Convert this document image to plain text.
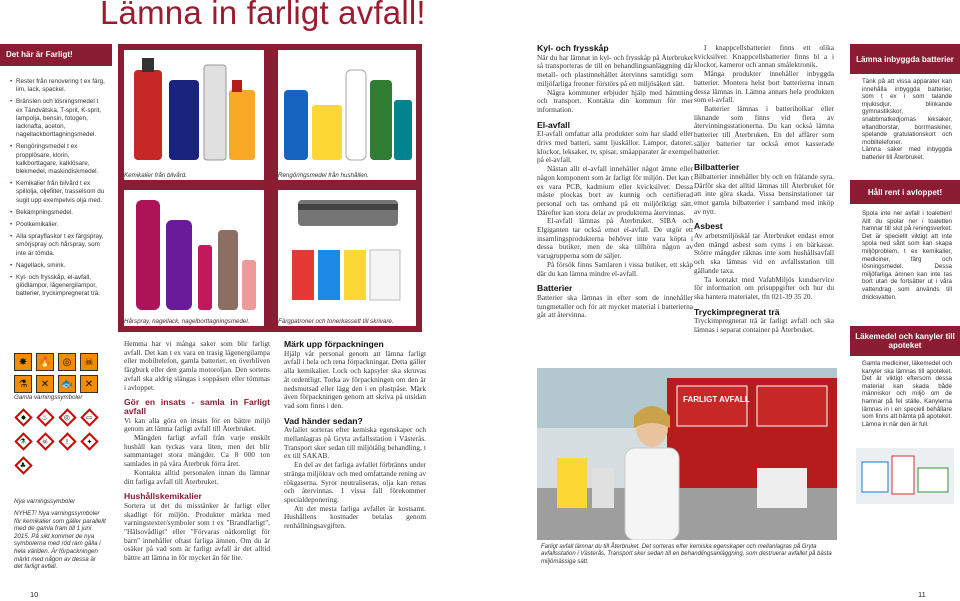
Lämna in farligt avfall!
Det här är Farligt!
• Rester från renovering t ex färg, lim, lack, spackel.
• Bränslen och lösningsmedel t ex Tändvätska, T-sprit, K-sprit, lampolja, bensin, fotogen, lacknafta, aceton, nagellackborttagningsmedel.
• Rengöringsmedel t ex propplösare, klorin, kalkborttagare, kalklösare, blekmedel, maskindiskmedel.
• Kemikalier från bilvård t ex spillolja, oljefilter, trasselsom du sugit upp exempelvis olja med.
• Bekämpningsmedel.
• Poolkemikalier.
• Alla sprayflaskor t ex färgspray, smörjspray och hårspray, som inte är tömda.
• Nagellack, smink.
• Kyl- och frysskåp, el-avfall, glödlampor, lågenergilampor, batterier, tryckimpregnerat trä.
✸	🔥	◎	☠
⚗	✕	🐟	✕
Gamla varningssymboler
✸ ♨ ◎ ▭
⚗ ☠ !	✦
♣
Nya varningssymboler
NYHET! Nya varningssymboler för kemikalier som gäller parallellt med de gamla fram till 1 juni 2015. På sikt kommer de nya symbolerna med röd ram gälla i hela världen. Är förpackningen märkt med någon av dessa är det farligt avfall.
Kemikalier från bilvård.	Rengöringsmedel från hushållen.
Hårspray, nagellack, nagelborttagningsmedel.	Färgpatroner och tonerkassett till skrivare.

Hemma har vi många saker som blir farligt avfall. Det kan t ex vara en trasig lågenergilampa eller mobiltelefon, gamla batterier, en överbliven färgburk eller den gamla motoroljan. Den sortens avfall ska aldrig slängas i soppåsen eller tömmas i avloppet.

Gör en insats - samla in Farligt avfall

Vi kan alla göra en insats för en bättre miljö genom att lämna farligt avfall till Återbruket.

Mängden farligt avfall från varje enskilt hushåll kan tyckas vara liten, men det blir sammantaget stora mängder. Ca 8 000 ton samlades in på våra Återbruk förra året.

Kontakta alltid personalen innan du lämnar ditt farliga avfall till Återbruket.

Hushållskemikalier

Sortera ut det du misstänker är farligt eller skadligt för miljön. Produkter märkta med varningstexter/symboler som t ex "Brandfarligt", "Hälsovådligt" eller "Förvaras oåtkomligt för barn" innehåller oftast farliga ämnen. Om du är osäker på vad som är farligt avfall är det alltid bättre att lämna in för mycket än för lite.

Märk upp förpackningen

Hjälp vår personal genom att lämna farligt avfall i hela och rena förpackningar. Detta gäller alla kemikalier. Lock och kapsyler ska skruvas åt ordentligt. Torka av förpackningen om den är nedsmutsad eller lägg den i en plastpåse. Märk även förpackningen genom att skriva på utsidan vad som finns i den.

Vad händer sedan?

Avfallet sorteras efter kemiska egenskaper och mellanlagras på Gryta avfallsstation i Västerås. Transport sker sedan till miljötålig behandling, t ex till SAKAB.

En del av det farliga avfallet förbränns under stränga miljökrav och med omfattande rening av rökgaserna. Syror neutraliseras, olja kan renas och återvinnas. I vissa fall förekommer specialdeponering.

Att det mesta farliga avfallet är kostsamt. Hushållens kostnader betalas genom renhållningsavgiften.

Kyl- och frysskåp

När du har lämnat in kyl- och frysskåp på Återbruket så transporteras de till en behandlingsanläggning där metall- och plastinnehållet återvinns samtidigt som miljöfarliga freoner förstörs på ett miljösäkert sätt.

Några kommuner erbjuder hjälp med hämtning och transport. Kontakta din kommun för mer information.

El-avfall

El-avfall omfattar alla produkter som har sladd eller drivs med batteri, samt ljuskällor. Lampor, datorer, klockor, leksaker, tv, spisar, småapparater är exempel på el-avfall.

Nästan allt el-avfall innehåller något ämne eller någon komponent som är farligt för miljön. Det kan t ex vara PCB, kadmium eller kvicksilver. Dessa måste plockas bort av kunnig och certifierad personal och tas omhand på ett miljöriktigt sätt. Därefter kan stora delar av produkterna återvinnas.

El-avfall lämnas på Återbruket. SIBA och Elgiganten tar också emot el-avfall. De utgör ett insamlingsprodukterna behöver inte vara köpta i dessa butiker, men de ska tillhöra någon av varugrupperna som de säljer.

På försök finns Samlaren i vissa butiker, ett skåp där du kan lämna mindre el-avfall.

Batterier

Batterier ska lämnas in efter som de innehåller tungmetaller och för att mycket material i batterierna går att återvinna.

I knappcellsbatterier finns ett olika kvicksilver. Knappcellsbatterier finns bl a i klockor, kameror och annan smålektronik.

Många produkter innehåller inbyggda batterier. Montera helst bort batterierna innan dessa lämnas in. Lämna annars hela produkten som el-avfall.

Batterier lämnas i batteriholkar eller liknande som finns vid flera av återvinningsstationerna. Du kan också lämna batterier till Återbruken. En del affärer som säljer batterier tar också emot kasserade batterier.

Bilbatterier

Bilbatterier innehåller bly och en frätande syra. Därför ska det alltid lämnas till Återbruket för att inte göra skada. Vissa bensinstationer tar emot gamla bilbatterier i samband med inköp av nytt.

Asbest

Av arbetsmiljöskäl tar Återbruket endast emot den mängd asbest som ryms i en bärkasse. Större mängder räknas inte som hushållsavfall och ska lämnas vid en avfallsstation till gällande taxa.

Ta kontakt med VafabMiljös kundservice för information om prisuppgifter och hur du ska hantera materialet, tfn 021-39 35 20.

Tryckimpregnerat trä

Tryckimpregnerat trä är farligt avfall och ska lämnas i separat container på Återbruket.

FARLIGT AVFALL
Farligt avfall lämnar du till Återbruket. Det sorteras efter kemiska egenskaper och mellanlagras på Gryta avfallsstation i Västerås. Transport sker sedan till en behandlingsanläggning, som destruerar avfallet på bästa miljömässiga sätt.
Lämna inbyggda batterier

Tänk på att vissa apparater kan innehålla inbyggda batterier, som t ex i som talande mjukisdjur, blinkande gymnastikskor, snabbmatkedjornas leksaker, eltandborstar, borrmaskiner, spelande gratulationskort och mobiltelefoner.

Lämna saker med inbyggda batterier till Återbruket.

Håll rent i avloppet!
Spola inte ner avfall i toaletten! Allt du spolar ner i toaletten hamnar till slut på reningsverket. Det är speciellt viktigt att inte spola ned sånt som kan skapa miljöproblem, t ex kemikalier, mediciner, färg och lösningsmedel. Dessa miljöfarliga ämnen kan inte tas bort utan de fortsätter ut i våra vattendrag som används till dricksvatten.
Läkemedel och kanyler till apoteket
Gamla mediciner, läkemedel och kanyler ska lämnas till apoteket. Det är viktigt eftersom dessa material kan skada både människor och miljö om de hamnar på fel ställe. Kanylerna lämnas in i en speciell behållare som finns att hämta på apoteket. Lämna in när den är full.
10	11
